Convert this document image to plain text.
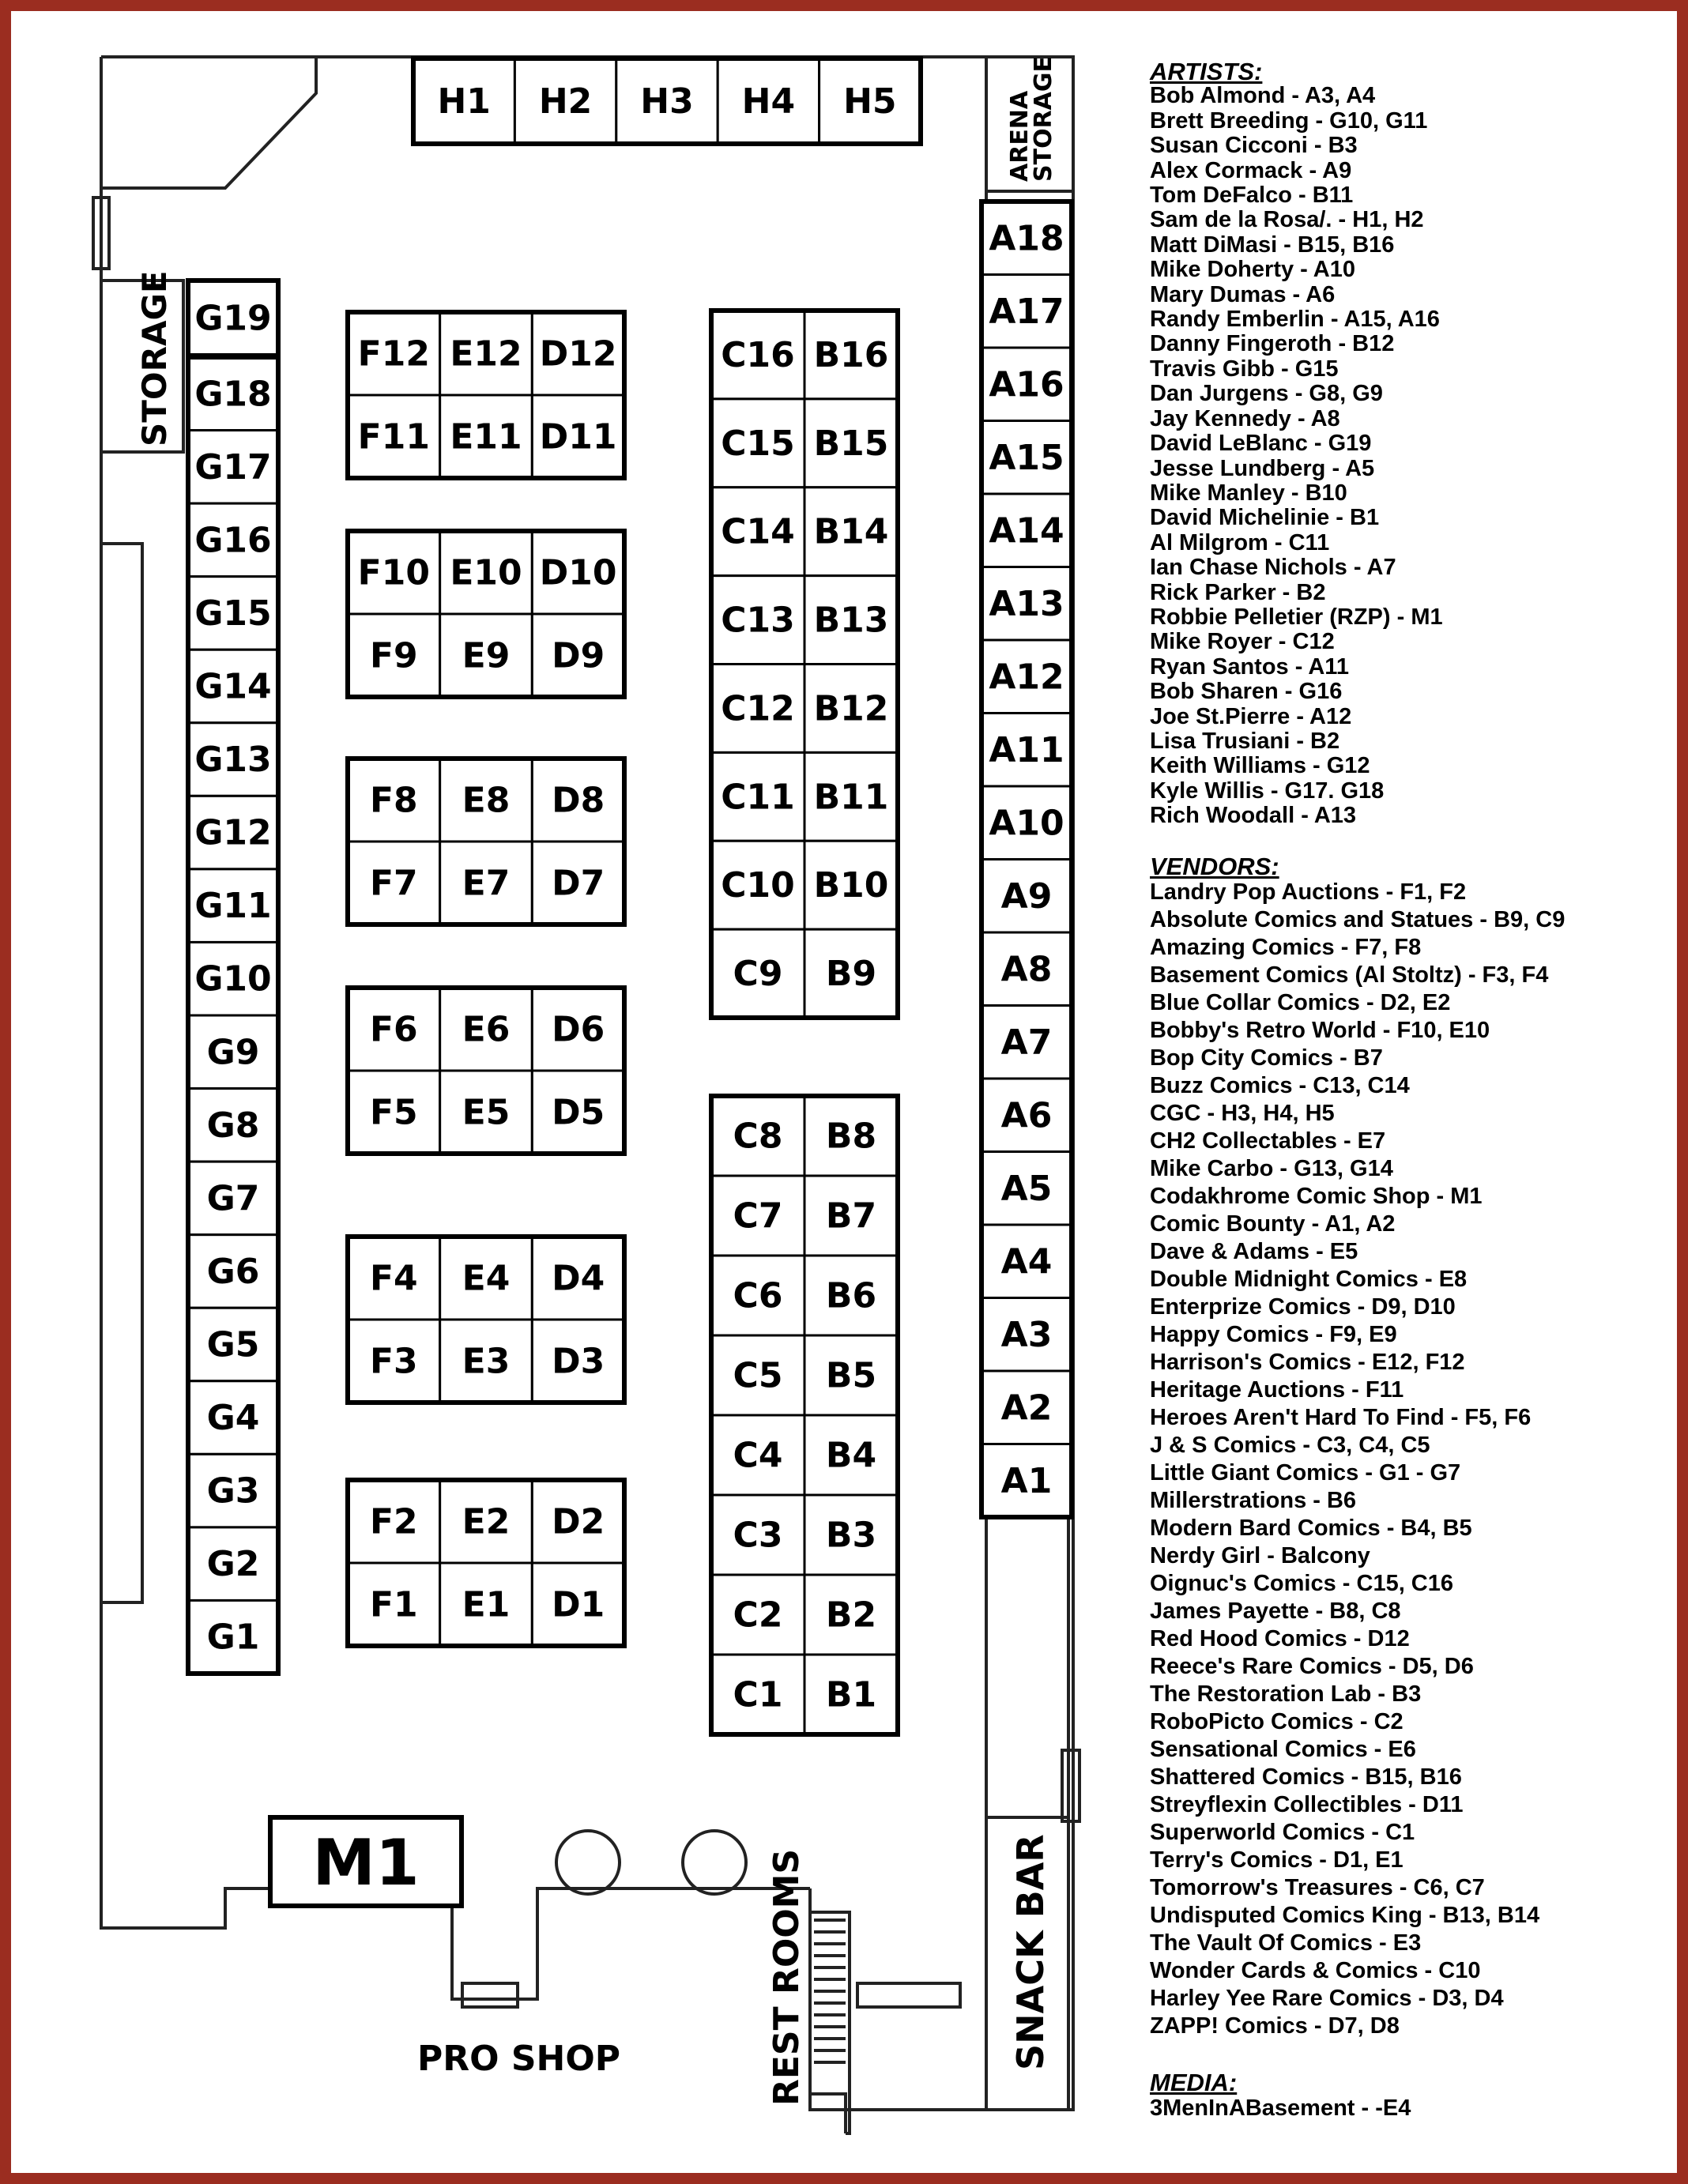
STORAGE
ARENA STORAGE
SNACK BAR
REST ROOMS
PRO SHOP
M1
H1 H2 H3 H4 H5
A18
A17
A16
A15
A14
A13
A12
A11
A10
A9
A8
A7
A6
A5
A4
A3
A2
A1
G19
G18
G17
G16
G15
G14
G13
G12
G11
G10
G9
G8
G7
G6
G5
G4
G3
G2
G1
F12 E12 D12
F11 E11 D11
F10 E10 D10
F9 E9 D9
F8 E8 D8
F7 E7 D7
F6 E6 D6
F5 E5 D5
F4 E4 D4
F3 E3 D3
F2 E2 D2
F1 E1 D1
C16 B16
C15 B15
C14 B14
C13 B13
C12 B12
C11 B11
C10 B10
C9 B9
C8 B8
C7 B7
C6 B6
C5 B5
C4 B4
C3 B3
C2 B2
C1 B1
ARTISTS:
Bob Almond - A3, A4
Brett Breeding - G10, G11
Susan Cicconi - B3
Alex Cormack - A9
Tom DeFalco - B11
Sam de la Rosa/. - H1, H2
Matt DiMasi - B15, B16
Mike Doherty - A10
Mary Dumas - A6
Randy Emberlin - A15, A16
Danny Fingeroth - B12
Travis Gibb - G15
Dan Jurgens - G8, G9
Jay Kennedy - A8
David LeBlanc - G19
Jesse Lundberg - A5
Mike Manley - B10
David Michelinie - B1
Al Milgrom - C11
Ian Chase Nichols - A7
Rick Parker - B2
Robbie Pelletier (RZP) - M1
Mike Royer - C12
Ryan Santos - A11
Bob Sharen - G16
Joe St.Pierre - A12
Lisa Trusiani - B2
Keith Williams - G12
Kyle Willis - G17. G18
Rich Woodall - A13
VENDORS:
Landry Pop Auctions - F1, F2
Absolute Comics and Statues - B9, C9
Amazing Comics - F7, F8
Basement Comics (Al Stoltz) - F3, F4
Blue Collar Comics - D2, E2
Bobby's Retro World - F10, E10
Bop City Comics - B7
Buzz Comics - C13, C14
CGC - H3, H4, H5
CH2 Collectables - E7
Mike Carbo - G13, G14
Codakhrome Comic Shop - M1
Comic Bounty - A1, A2
Dave & Adams - E5
Double Midnight Comics - E8
Enterprize Comics - D9, D10
Happy Comics - F9, E9
Harrison's Comics - E12, F12
Heritage Auctions - F11
Heroes Aren't Hard To Find - F5, F6
J & S Comics - C3, C4, C5
Little Giant Comics - G1 - G7
Millerstrations - B6
Modern Bard Comics - B4, B5
Nerdy Girl - Balcony
Oignuc's Comics - C15, C16
James Payette - B8, C8
Red Hood Comics - D12
Reece's Rare Comics - D5, D6
The Restoration Lab - B3
RoboPicto Comics - C2
Sensational Comics - E6
Shattered Comics - B15, B16
Streyflexin Collectibles - D11
Superworld Comics - C1
Terry's Comics - D1, E1
Tomorrow's Treasures - C6, C7
Undisputed Comics King - B13, B14
The Vault Of Comics - E3
Wonder Cards & Comics - C10
Harley Yee Rare Comics - D3, D4
ZAPP! Comics - D7, D8
MEDIA:
3MenInABasement - -E4
